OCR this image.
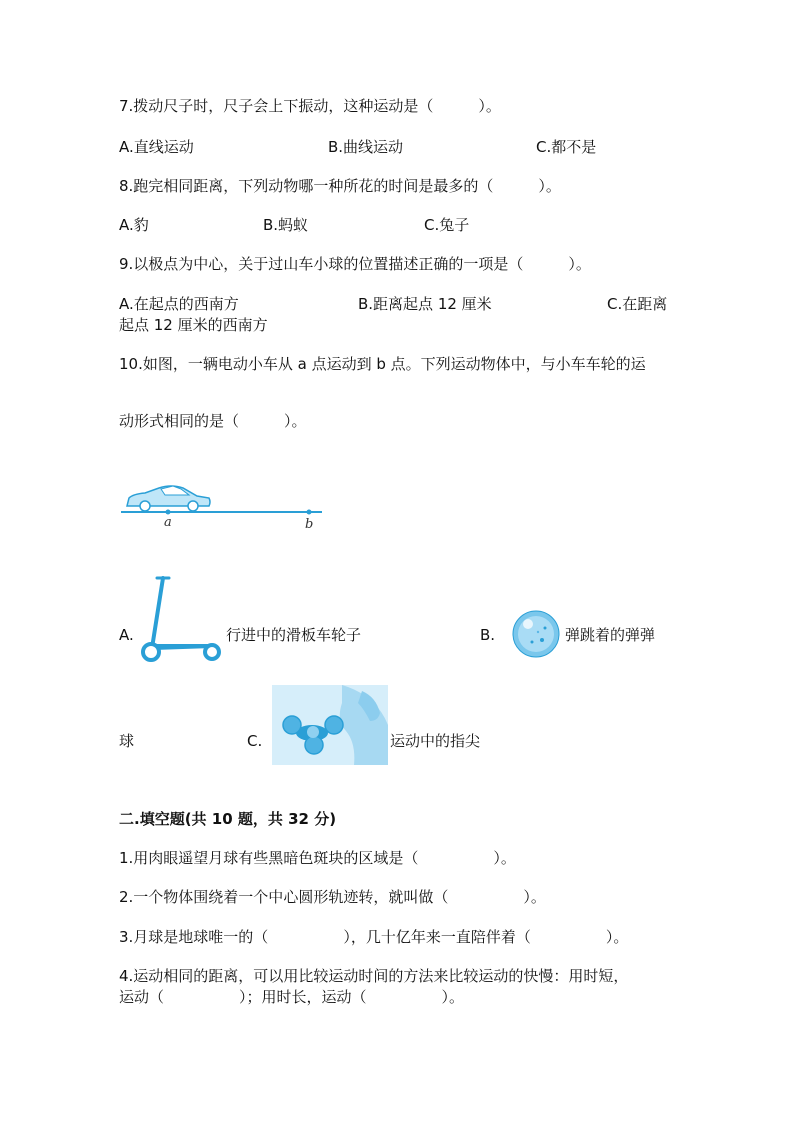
7.拨动尺子时，尺子会上下振动，这种运动是（　　　）。
A.直线运动	B.曲线运动	C.都不是
8.跑完相同距离，下列动物哪一种所花的时间是最多的（　　　）。
A.豹	B.蚂蚁	C.兔子
9.以极点为中心，关于过山车小球的位置描述正确的一项是（　　　）。
A.在起点的西南方	B.距离起点 12 厘米	C.在距离
起点 12 厘米的西南方
10.如图，一辆电动小车从 a 点运动到 b 点。下列运动物体中，与小车车轮的运
动形式相同的是（　　　）。
a	b
A.	行进中的滑板车轮子	B.	弹跳着的弹弹
球	C.	运动中的指尖
二.填空题(共 10 题，共 32 分)
1.用肉眼遥望月球有些黑暗色斑块的区域是（　　　　　）。
2.一个物体围绕着一个中心圆形轨迹转，就叫做（　　　　　）。
3.月球是地球唯一的（　　　　　），几十亿年来一直陪伴着（　　　　　）。
4.运动相同的距离，可以用比较运动时间的方法来比较运动的快慢：用时短，
运动（　　　　　）；用时长，运动（　　　　　）。
